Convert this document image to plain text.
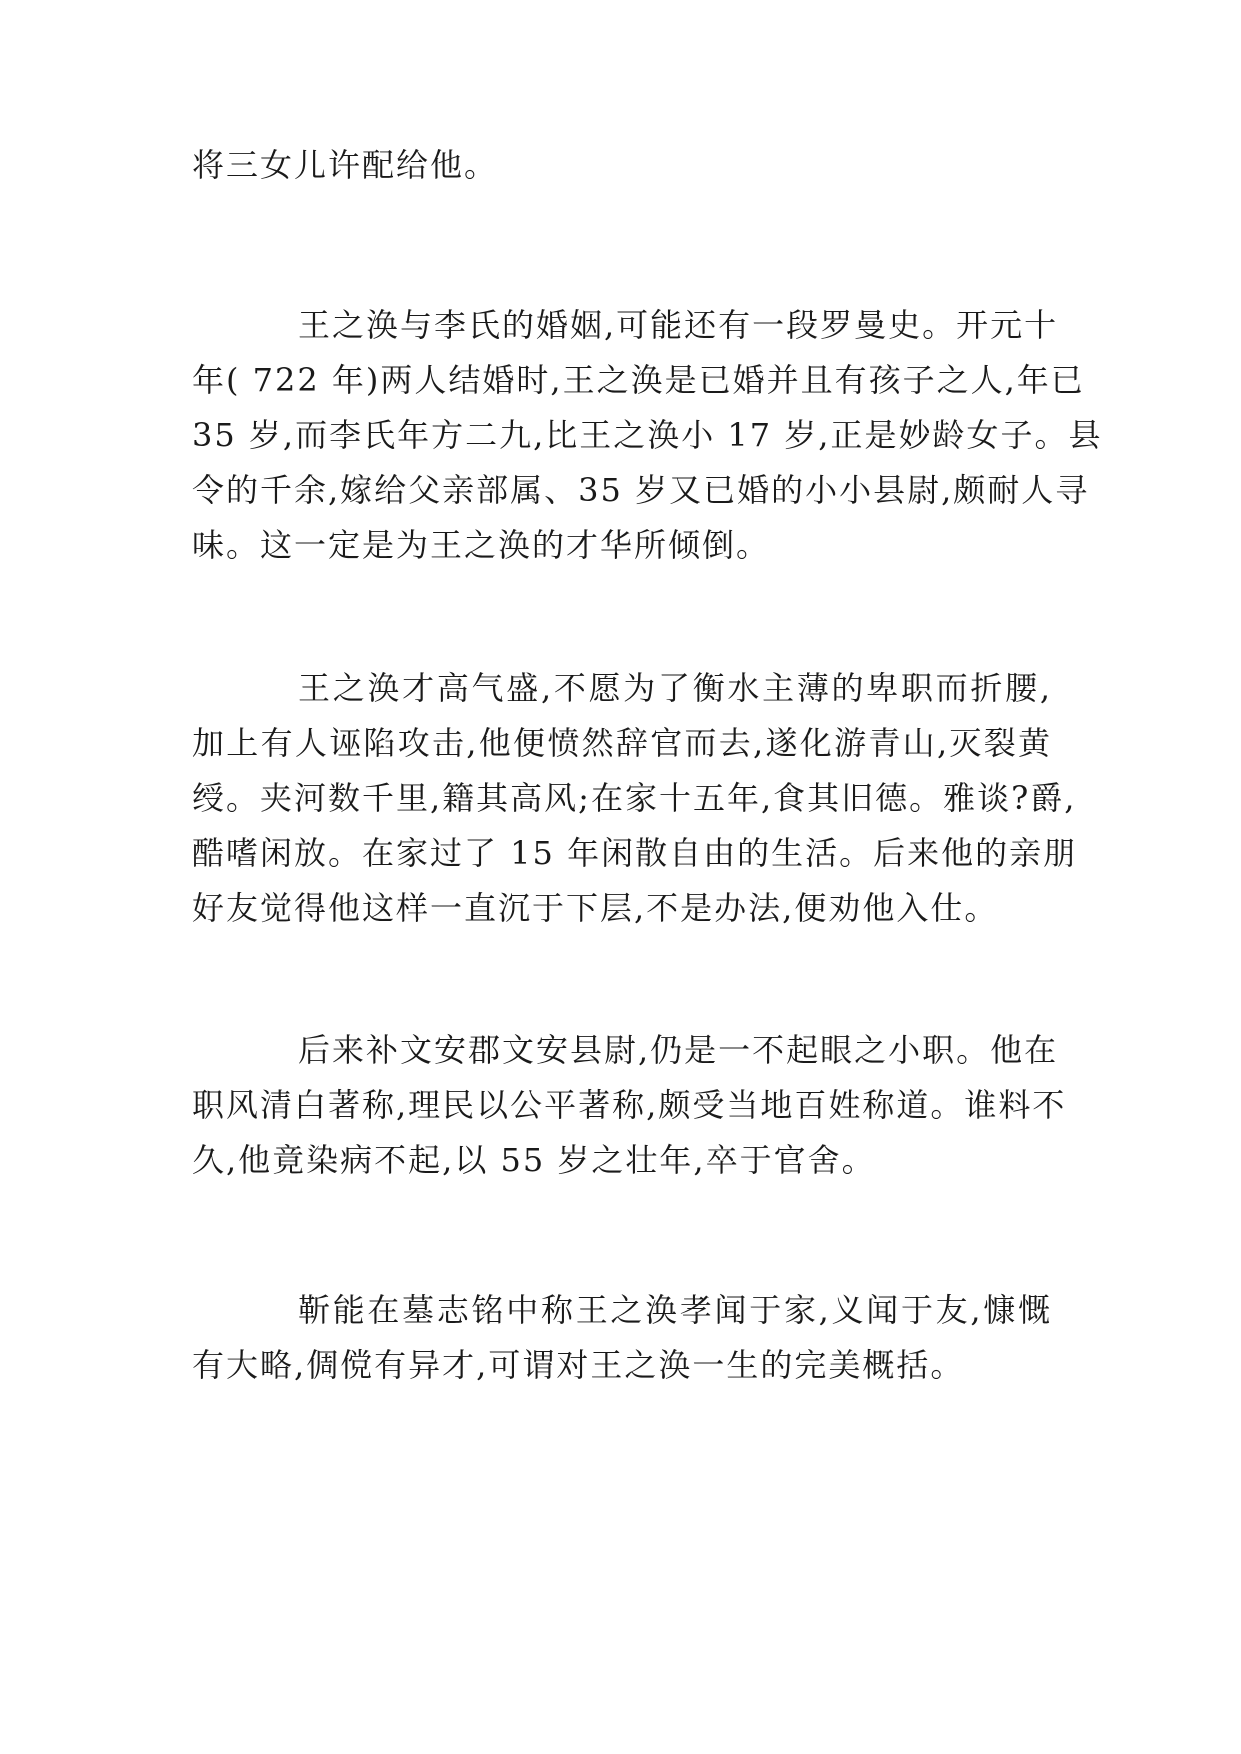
将三女儿许配给他。
王之涣与李氏的婚姻,可能还有一段罗曼史。开元十
年( 722 年)两人结婚时,王之涣是已婚并且有孩子之人,年已
35 岁,而李氏年方二九,比王之涣小 17 岁,正是妙龄女子。县
令的千余,嫁给父亲部属、35 岁又已婚的小小县尉,颇耐人寻
味。这一定是为王之涣的才华所倾倒。
王之涣才高气盛,不愿为了衡水主薄的卑职而折腰,
加上有人诬陷攻击,他便愤然辞官而去,遂化游青山,灭裂黄
绶。夹河数千里,籍其高风;在家十五年,食其旧德。雅谈?爵,
酷嗜闲放。在家过了 15 年闲散自由的生活。后来他的亲朋
好友觉得他这样一直沉于下层,不是办法,便劝他入仕。
后来补文安郡文安县尉,仍是一不起眼之小职。他在
职风清白著称,理民以公平著称,颇受当地百姓称道。谁料不
久,他竟染病不起,以 55 岁之壮年,卒于官舍。
靳能在墓志铭中称王之涣孝闻于家,义闻于友,慷慨
有大略,倜傥有异才,可谓对王之涣一生的完美概括。
